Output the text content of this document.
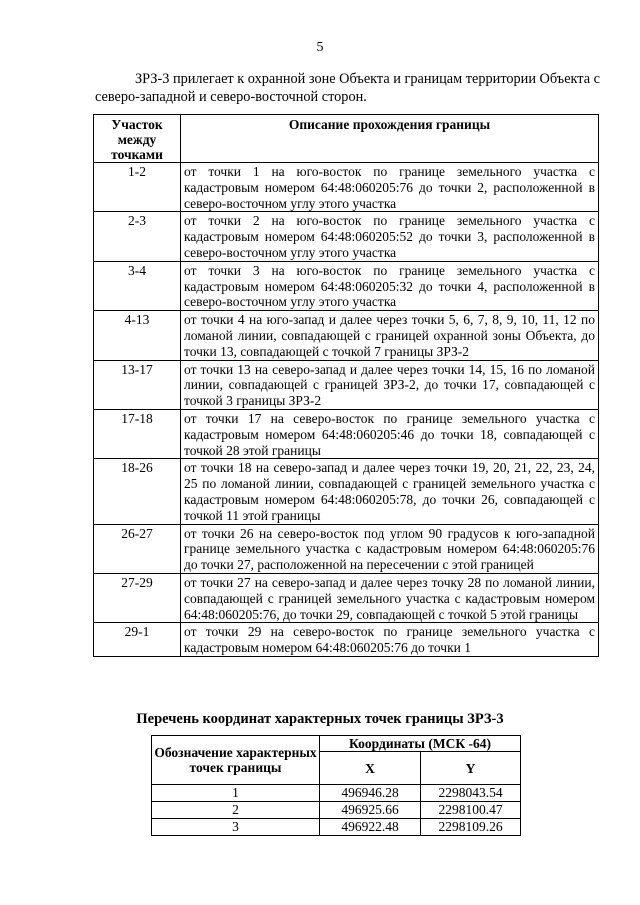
5

ЗРЗ-3 прилегает к охранной зоне Объекта и границам территории Объекта с северо-западной и северо-восточной сторон.

Участок между точками	Описание прохождения границы
1-2	от точки 1 на юго-восток по границе земельного участка с кадастровым номером 64:48:060205:76 до точки 2, расположенной в северо-восточном углу этого участка
2-3	от точки 2 на юго-восток по границе земельного участка с кадастровым номером 64:48:060205:52 до точки 3, расположенной в северо-восточном углу этого участка
3-4	от точки 3 на юго-восток по границе земельного участка с кадастровым номером 64:48:060205:32 до точки 4, расположенной в северо-восточном углу этого участка
4-13	от точки 4 на юго-запад и далее через точки 5, 6, 7, 8, 9, 10, 11, 12 по ломаной линии, совпадающей с границей охранной зоны Объекта, до точки 13, совпадающей с точкой 7 границы ЗРЗ-2
13-17	от точки 13 на северо-запад и далее через точки 14, 15, 16 по ломаной линии, совпадающей с границей ЗРЗ-2, до точки 17, совпадающей с точкой 3 границы ЗРЗ-2
17-18	от точки 17 на северо-восток по границе земельного участка с кадастровым номером 64:48:060205:46 до точки 18, совпадающей с точкой 28 этой границы
18-26	от точки 18 на северо-запад и далее через точки 19, 20, 21, 22, 23, 24, 25 по ломаной линии, совпадающей с границей земельного участка с кадастровым номером 64:48:060205:78, до точки 26, совпадающей с точкой 11 этой границы
26-27	от точки 26 на северо-восток под углом 90 градусов к юго-западной границе земельного участка с кадастровым номером 64:48:060205:76 до точки 27, расположенной на пересечении с этой границей
27-29	от точки 27 на северо-запад и далее через точку 28 по ломаной линии, совпадающей с границей земельного участка с кадастровым номером 64:48:060205:76, до точки 29, совпадающей с точкой 5 этой границы
29-1	от точки 29 на северо-восток по границе земельного участка с кадастровым номером 64:48:060205:76 до точки 1

Перечень координат характерных точек границы ЗРЗ-3

Обозначение характерных точек границы	Координаты (МСК -64)	
	X	Y
1	496946.28	2298043.54
2	496925.66	2298100.47
3	496922.48	2298109.26
